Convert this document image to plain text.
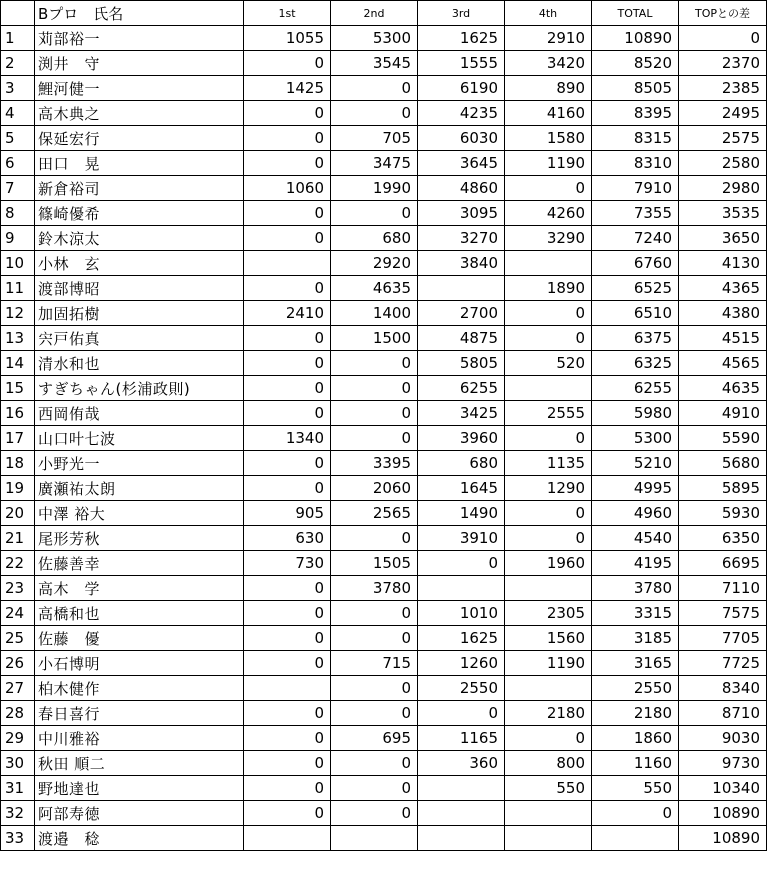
	Bプロ　氏名	1st	2nd	3rd	4th	TOTAL	TOPとの差
1	苅部裕一	1055	5300	1625	2910	10890	0
2	渕井　守	0	3545	1555	3420	8520	2370
3	鯉河健一	1425	0	6190	890	8505	2385
4	高木典之	0	0	4235	4160	8395	2495
5	保延宏行	0	705	6030	1580	8315	2575
6	田口　晃	0	3475	3645	1190	8310	2580
7	新倉裕司	1060	1990	4860	0	7910	2980
8	篠崎優希	0	0	3095	4260	7355	3535
9	鈴木涼太	0	680	3270	3290	7240	3650
10	小林　玄		2920	3840		6760	4130
11	渡部博昭	0	4635		1890	6525	4365
12	加固拓樹	2410	1400	2700	0	6510	4380
13	宍戸佑真	0	1500	4875	0	6375	4515
14	清水和也	0	0	5805	520	6325	4565
15	すぎちゃん(杉浦政則)	0	0	6255		6255	4635
16	西岡侑哉	0	0	3425	2555	5980	4910
17	山口叶七波	1340	0	3960	0	5300	5590
18	小野光一	0	3395	680	1135	5210	5680
19	廣瀬祐太朗	0	2060	1645	1290	4995	5895
20	中澤 裕大	905	2565	1490	0	4960	5930
21	尾形芳秋	630	0	3910	0	4540	6350
22	佐藤善幸	730	1505	0	1960	4195	6695
23	高木　学	0	3780			3780	7110
24	高橋和也	0	0	1010	2305	3315	7575
25	佐藤　優	0	0	1625	1560	3185	7705
26	小石博明	0	715	1260	1190	3165	7725
27	柏木健作		0	2550		2550	8340
28	春日喜行	0	0	0	2180	2180	8710
29	中川雅裕	0	695	1165	0	1860	9030
30	秋田 順二	0	0	360	800	1160	9730
31	野地達也	0	0		550	550	10340
32	阿部寿徳	0	0			0	10890
33	渡邉　稔						10890
